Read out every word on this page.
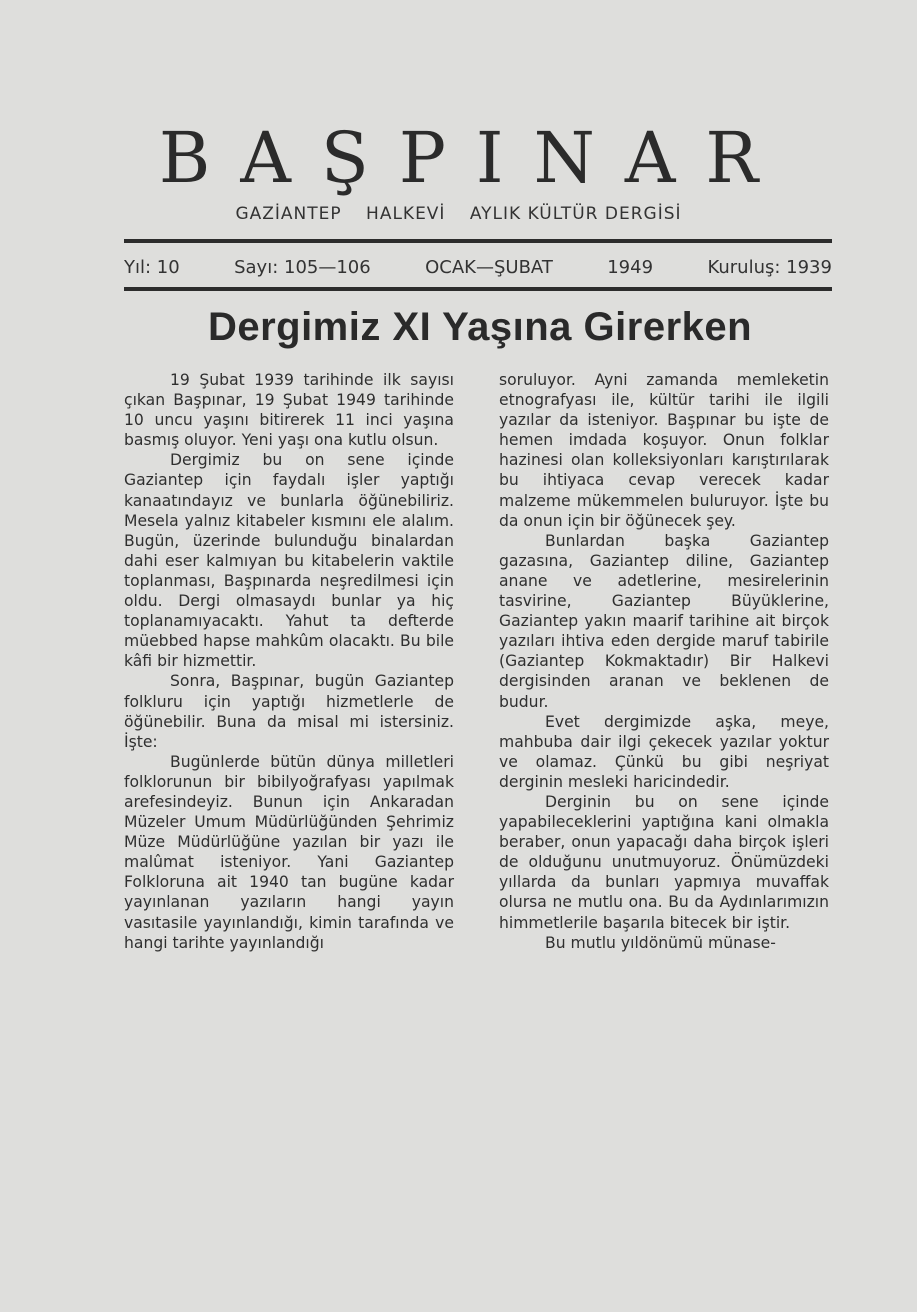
BAŞPINAR
GAZİANTEP HALKEVİ AYLIK KÜLTÜR DERGİSİ
Yıl: 10	Sayı: 105—106	OCAK—ŞUBAT	1949	Kuruluş: 1939
Dergimiz XI Yaşına Girerken

19 Şubat 1939 tarihinde ilk sayısı çıkan Başpınar, 19 Şubat 1949 tarihinde 10 uncu yaşını bitirerek 11 inci yaşına basmış oluyor. Yeni yaşı ona kutlu olsun.

Dergimiz bu on sene içinde Gaziantep için faydalı işler yaptığı kanaatındayız ve bunlarla öğünebiliriz. Mesela yalnız kitabeler kısmını ele alalım. Bugün, üzerinde bulunduğu binalardan dahi eser kalmıyan bu kitabelerin vaktile toplanması, Başpınarda neşredilmesi için oldu. Dergi olmasaydı bunlar ya hiç toplanamıyacaktı. Yahut ta defterde müebbed hapse mahkûm olacaktı. Bu bile kâfi bir hizmettir.

Sonra, Başpınar, bugün Gaziantep folkluru için yaptığı hizmetlerle de öğünebilir. Buna da misal mi istersiniz. İşte:

Bugünlerde bütün dünya milletleri folklorunun bir bibilyoğrafyası yapılmak arefesindeyiz. Bunun için Ankaradan Müzeler Umum Müdürlüğünden Şehrimiz Müze Müdürlüğüne yazılan bir yazı ile malûmat isteniyor. Yani Gaziantep Folkloruna ait 1940 tan bugüne kadar yayınlanan yazıların hangi yayın vasıtasile yayınlandığı, kimin tarafında ve hangi tarihte yayınlandığı

soruluyor. Ayni zamanda memleketin etnografyası ile, kültür tarihi ile ilgili yazılar da isteniyor. Başpınar bu işte de hemen imdada koşuyor. Onun folklar hazinesi olan kolleksiyonları karıştırılarak bu ihtiyaca cevap verecek kadar malzeme mükemmelen buluruyor. İşte bu da onun için bir öğünecek şey.

Bunlardan başka Gaziantep gazasına, Gaziantep diline, Gaziantep anane ve adetlerine, mesirelerinin tasvirine, Gaziantep Büyüklerine, Gaziantep yakın maarif tarihine ait birçok yazıları ihtiva eden dergide maruf tabirile (Gaziantep Kokmaktadır) Bir Halkevi dergisinden aranan ve beklenen de budur.

Evet dergimizde aşka, meye, mahbuba dair ilgi çekecek yazılar yoktur ve olamaz. Çünkü bu gibi neşriyat derginin mesleki haricindedir.

Derginin bu on sene içinde yapabileceklerini yaptığına kani olmakla beraber, onun yapacağı daha birçok işleri de olduğunu unutmuyoruz. Önümüzdeki yıllarda da bunları yapmıya muvaffak olursa ne mutlu ona. Bu da Aydınlarımızın himmetlerile başarıla bitecek bir iştir.

Bu mutlu yıldönümü münase-
